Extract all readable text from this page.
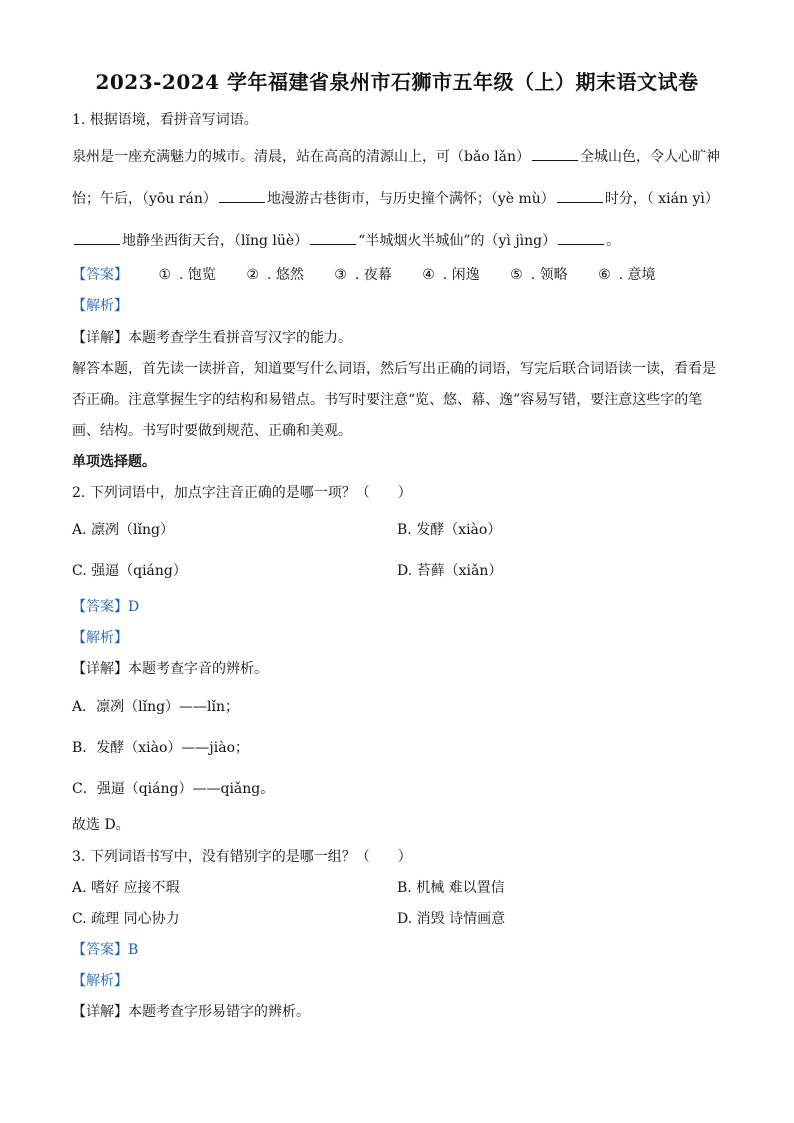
2023-2024 学年福建省泉州市石狮市五年级（上）期末语文试卷
1. 根据语境，看拼音写词语。
泉州是一座充满魅力的城市。清晨，站在高高的清源山上，可（bǎo lǎn）	全城山色，令人心旷神
怡；午后，（yōu rán）	地漫游古巷街市，与历史撞个满怀；（yè mù）	时分，（ xián yì）
地静坐西街天台，（lǐng lüè）	“半城烟火半城仙”的（yì jìng）	。
【答案】 ① . 饱览 ② . 悠然 ③ . 夜幕 ④ . 闲逸 ⑤ . 领略 ⑥ . 意境
【解析】
【详解】本题考查学生看拼音写汉字的能力。
解答本题，首先读一读拼音，知道要写什么词语，然后写出正确的词语，写完后联合词语读一读，看看是
否正确。注意掌握生字的结构和易错点。书写时要注意“览、悠、幕、逸”容易写错，要注意这些字的笔
画、结构。书写时要做到规范、正确和美观。
单项选择题。
2. 下列词语中，加点字注音正确的是哪一项？（　　）
A. 凛冽（lǐng）	B. 发酵（xiào）
C. 强逼（qiáng）	D. 苔藓（xiǎn）
【答案】D
【解析】
【详解】本题考查字音的辨析。
A．凛冽（lǐng）——lǐn；
B．发酵（xiào）——jiào；
C．强逼（qiáng）——qiǎng。
故选 D。
3. 下列词语书写中，没有错别字的是哪一组？（　　）
A. 嗜好 应接不瑕	B. 机械 难以置信
C. 疏理 同心协力	D. 消毁 诗情画意
【答案】B
【解析】
【详解】本题考查字形易错字的辨析。
